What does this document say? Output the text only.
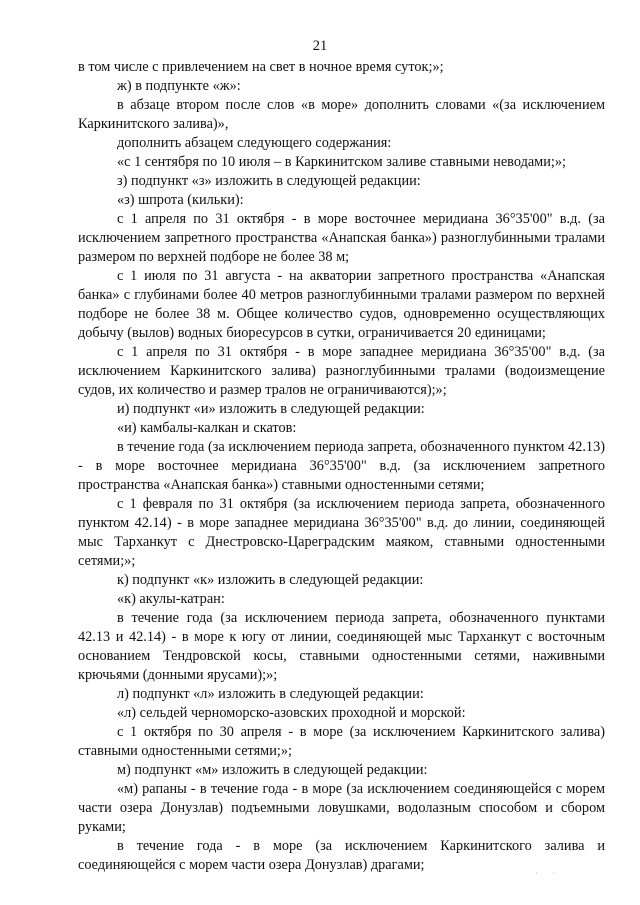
21

в том числе с привлечением на свет в ночное время суток;»;

ж) в подпункте «ж»:

в абзаце втором после слов «в море» дополнить словами «(за исключением Каркинитского залива)»,

дополнить абзацем следующего содержания:

«с 1 сентября по 10 июля – в Каркинитском заливе ставными неводами;»;

з) подпункт «з» изложить в следующей редакции:

«з) шпрота (кильки):

с 1 апреля по 31 октября - в море восточнее меридиана 36°35'00" в.д. (за исключением запретного пространства «Анапская банка») разноглубинными тралами размером по верхней подборе не более 38 м;

с 1 июля по 31 августа - на акватории запретного пространства «Анапская банка» с глубинами более 40 метров разноглубинными тралами размером по верхней подборе не более 38 м. Общее количество судов, одновременно осуществляющих добычу (вылов) водных биоресурсов в сутки, ограничивается 20 единицами;

с 1 апреля по 31 октября - в море западнее меридиана 36°35'00" в.д. (за исключением Каркинитского залива) разноглубинными тралами (водоизмещение судов, их количество и размер тралов не ограничиваются);»;

и) подпункт «и» изложить в следующей редакции:

«и) камбалы-калкан и скатов:

в течение года (за исключением периода запрета, обозначенного пунктом 42.13) - в море восточнее меридиана 36°35'00" в.д. (за исключением запретного пространства «Анапская банка») ставными одностенными сетями;

с 1 февраля по 31 октября (за исключением периода запрета, обозначенного пунктом 42.14) - в море западнее меридиана 36°35'00" в.д. до линии, соединяющей мыс Тарханкут с Днестровско-Цареградским маяком, ставными одностенными сетями;»;

к) подпункт «к» изложить в следующей редакции:

«к) акулы-катран:

в течение года (за исключением периода запрета, обозначенного пунктами 42.13 и 42.14) - в море к югу от линии, соединяющей мыс Тарханкут с восточным основанием Тендровской косы, ставными одностенными сетями, наживными крючьями (донными ярусами);»;

л) подпункт «л» изложить в следующей редакции:

«л) сельдей черноморско-азовских проходной и морской:

с 1 октября по 30 апреля - в море (за исключением Каркинитского залива) ставными одностенными сетями;»;

м) подпункт «м» изложить в следующей редакции:

«м) рапаны - в течение года - в море (за исключением соединяющейся с морем части озера Донузлав) подъемными ловушками, водолазным способом и сбором руками;

в течение года - в море (за исключением Каркинитского залива и соединяющейся с морем части озера Донузлав) драгами;	· ·
